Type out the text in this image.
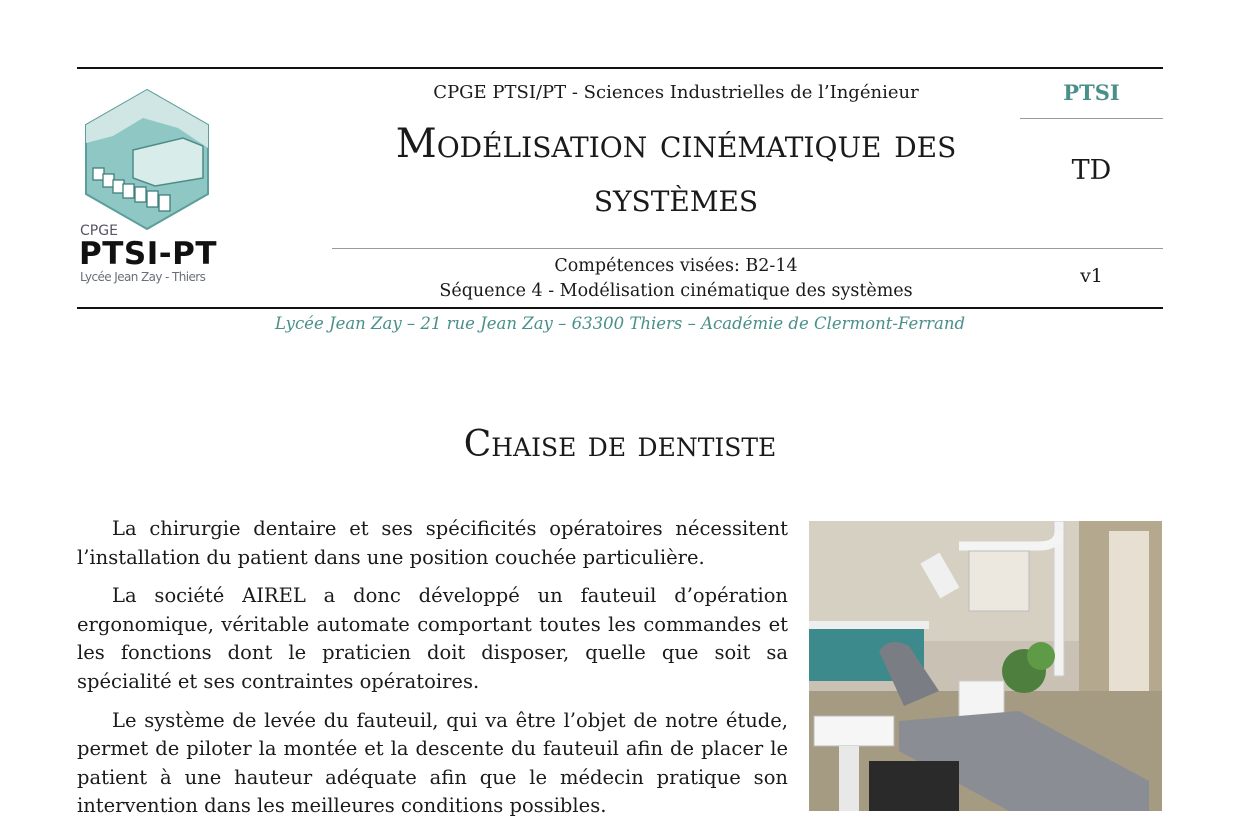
CPGE
PTSI-PT
Lycée Jean Zay - Thiers
CPGE PTSI/PT - Sciences Industrielles de l’Ingénieur
Modélisation cinématique des systèmes
Compétences visées: B2-14
Séquence 4 - Modélisation cinématique des systèmes
PTSI
TD
v1
Lycée Jean Zay – 21 rue Jean Zay – 63300 Thiers – Académie de Clermont-Ferrand
Chaise de dentiste

La chirurgie dentaire et ses spécificités opératoires nécessitent l’installation du patient dans une position couchée particulière.

La société AIREL a donc développé un fauteuil d’opération ergonomique, véritable automate comportant toutes les commandes et les fonctions dont le praticien doit disposer, quelle que soit sa spécialité et ses contraintes opératoires.

Le système de levée du fauteuil, qui va être l’objet de notre étude, permet de piloter la montée et la descente du fauteuil afin de placer le patient à une hauteur adéquate afin que le médecin pratique son intervention dans les meilleures conditions possibles.
